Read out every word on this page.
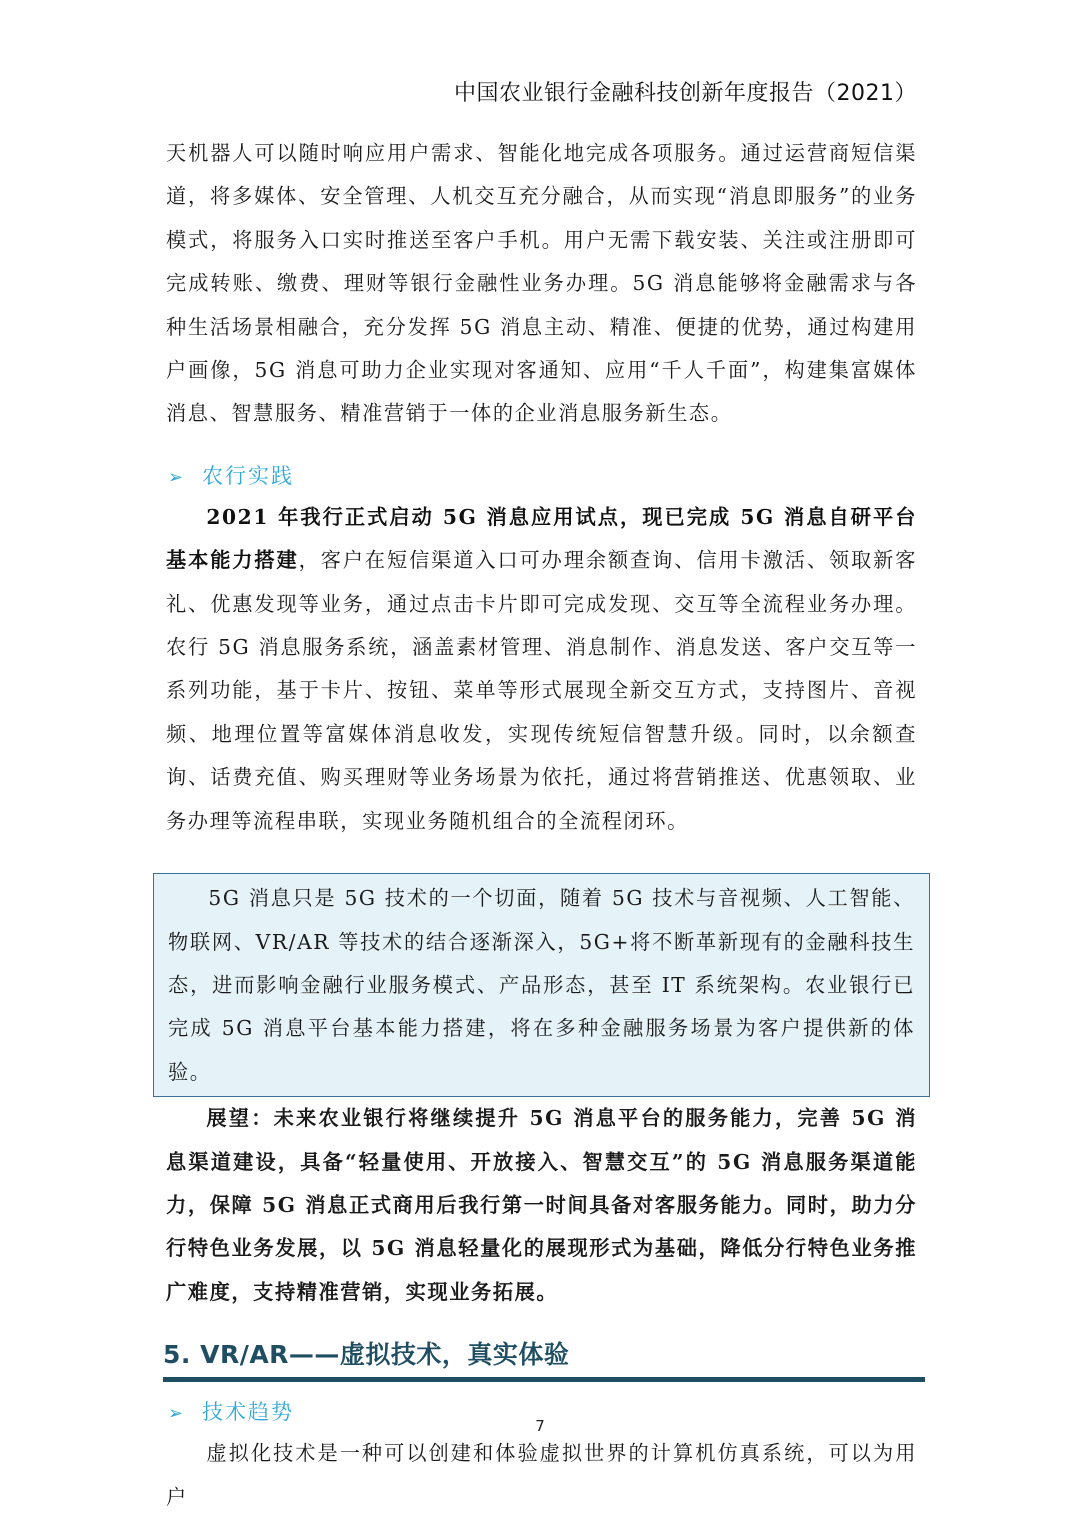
中国农业银行金融科技创新年度报告（2021）

天机器人可以随时响应用户需求、智能化地完成各项服务。通过运营商短信渠道，将多媒体、安全管理、人机交互充分融合，从而实现“消息即服务”的业务模式，将服务入口实时推送至客户手机。用户无需下载安装、关注或注册即可完成转账、缴费、理财等银行金融性业务办理。5G 消息能够将金融需求与各种生活场景相融合，充分发挥 5G 消息主动、精准、便捷的优势，通过构建用户画像，5G 消息可助力企业实现对客通知、应用“千人千面”，构建集富媒体消息、智慧服务、精准营销于一体的企业消息服务新生态。

➢ 农行实践

2021 年我行正式启动 5G 消息应用试点，现已完成 5G 消息自研平台基本能力搭建，客户在短信渠道入口可办理余额查询、信用卡激活、领取新客礼、优惠发现等业务，通过点击卡片即可完成发现、交互等全流程业务办理。农行 5G 消息服务系统，涵盖素材管理、消息制作、消息发送、客户交互等一系列功能，基于卡片、按钮、菜单等形式展现全新交互方式，支持图片、音视频、地理位置等富媒体消息收发，实现传统短信智慧升级。同时，以余额查询、话费充值、购买理财等业务场景为依托，通过将营销推送、优惠领取、业务办理等流程串联，实现业务随机组合的全流程闭环。

5G 消息只是 5G 技术的一个切面，随着 5G 技术与音视频、人工智能、物联网、VR/AR 等技术的结合逐渐深入，5G+将不断革新现有的金融科技生态，进而影响金融行业服务模式、产品形态，甚至 IT 系统架构。农业银行已完成 5G 消息平台基本能力搭建，将在多种金融服务场景为客户提供新的体验。

展望：未来农业银行将继续提升 5G 消息平台的服务能力，完善 5G 消息渠道建设，具备“轻量使用、开放接入、智慧交互”的 5G 消息服务渠道能力，保障 5G 消息正式商用后我行第一时间具备对客服务能力。同时，助力分行特色业务发展，以 5G 消息轻量化的展现形式为基础，降低分行特色业务推广难度，支持精准营销，实现业务拓展。

5. VR/AR——虚拟技术，真实体验
➢ 技术趋势

虚拟化技术是一种可以创建和体验虚拟世界的计算机仿真系统，可以为用户

7
